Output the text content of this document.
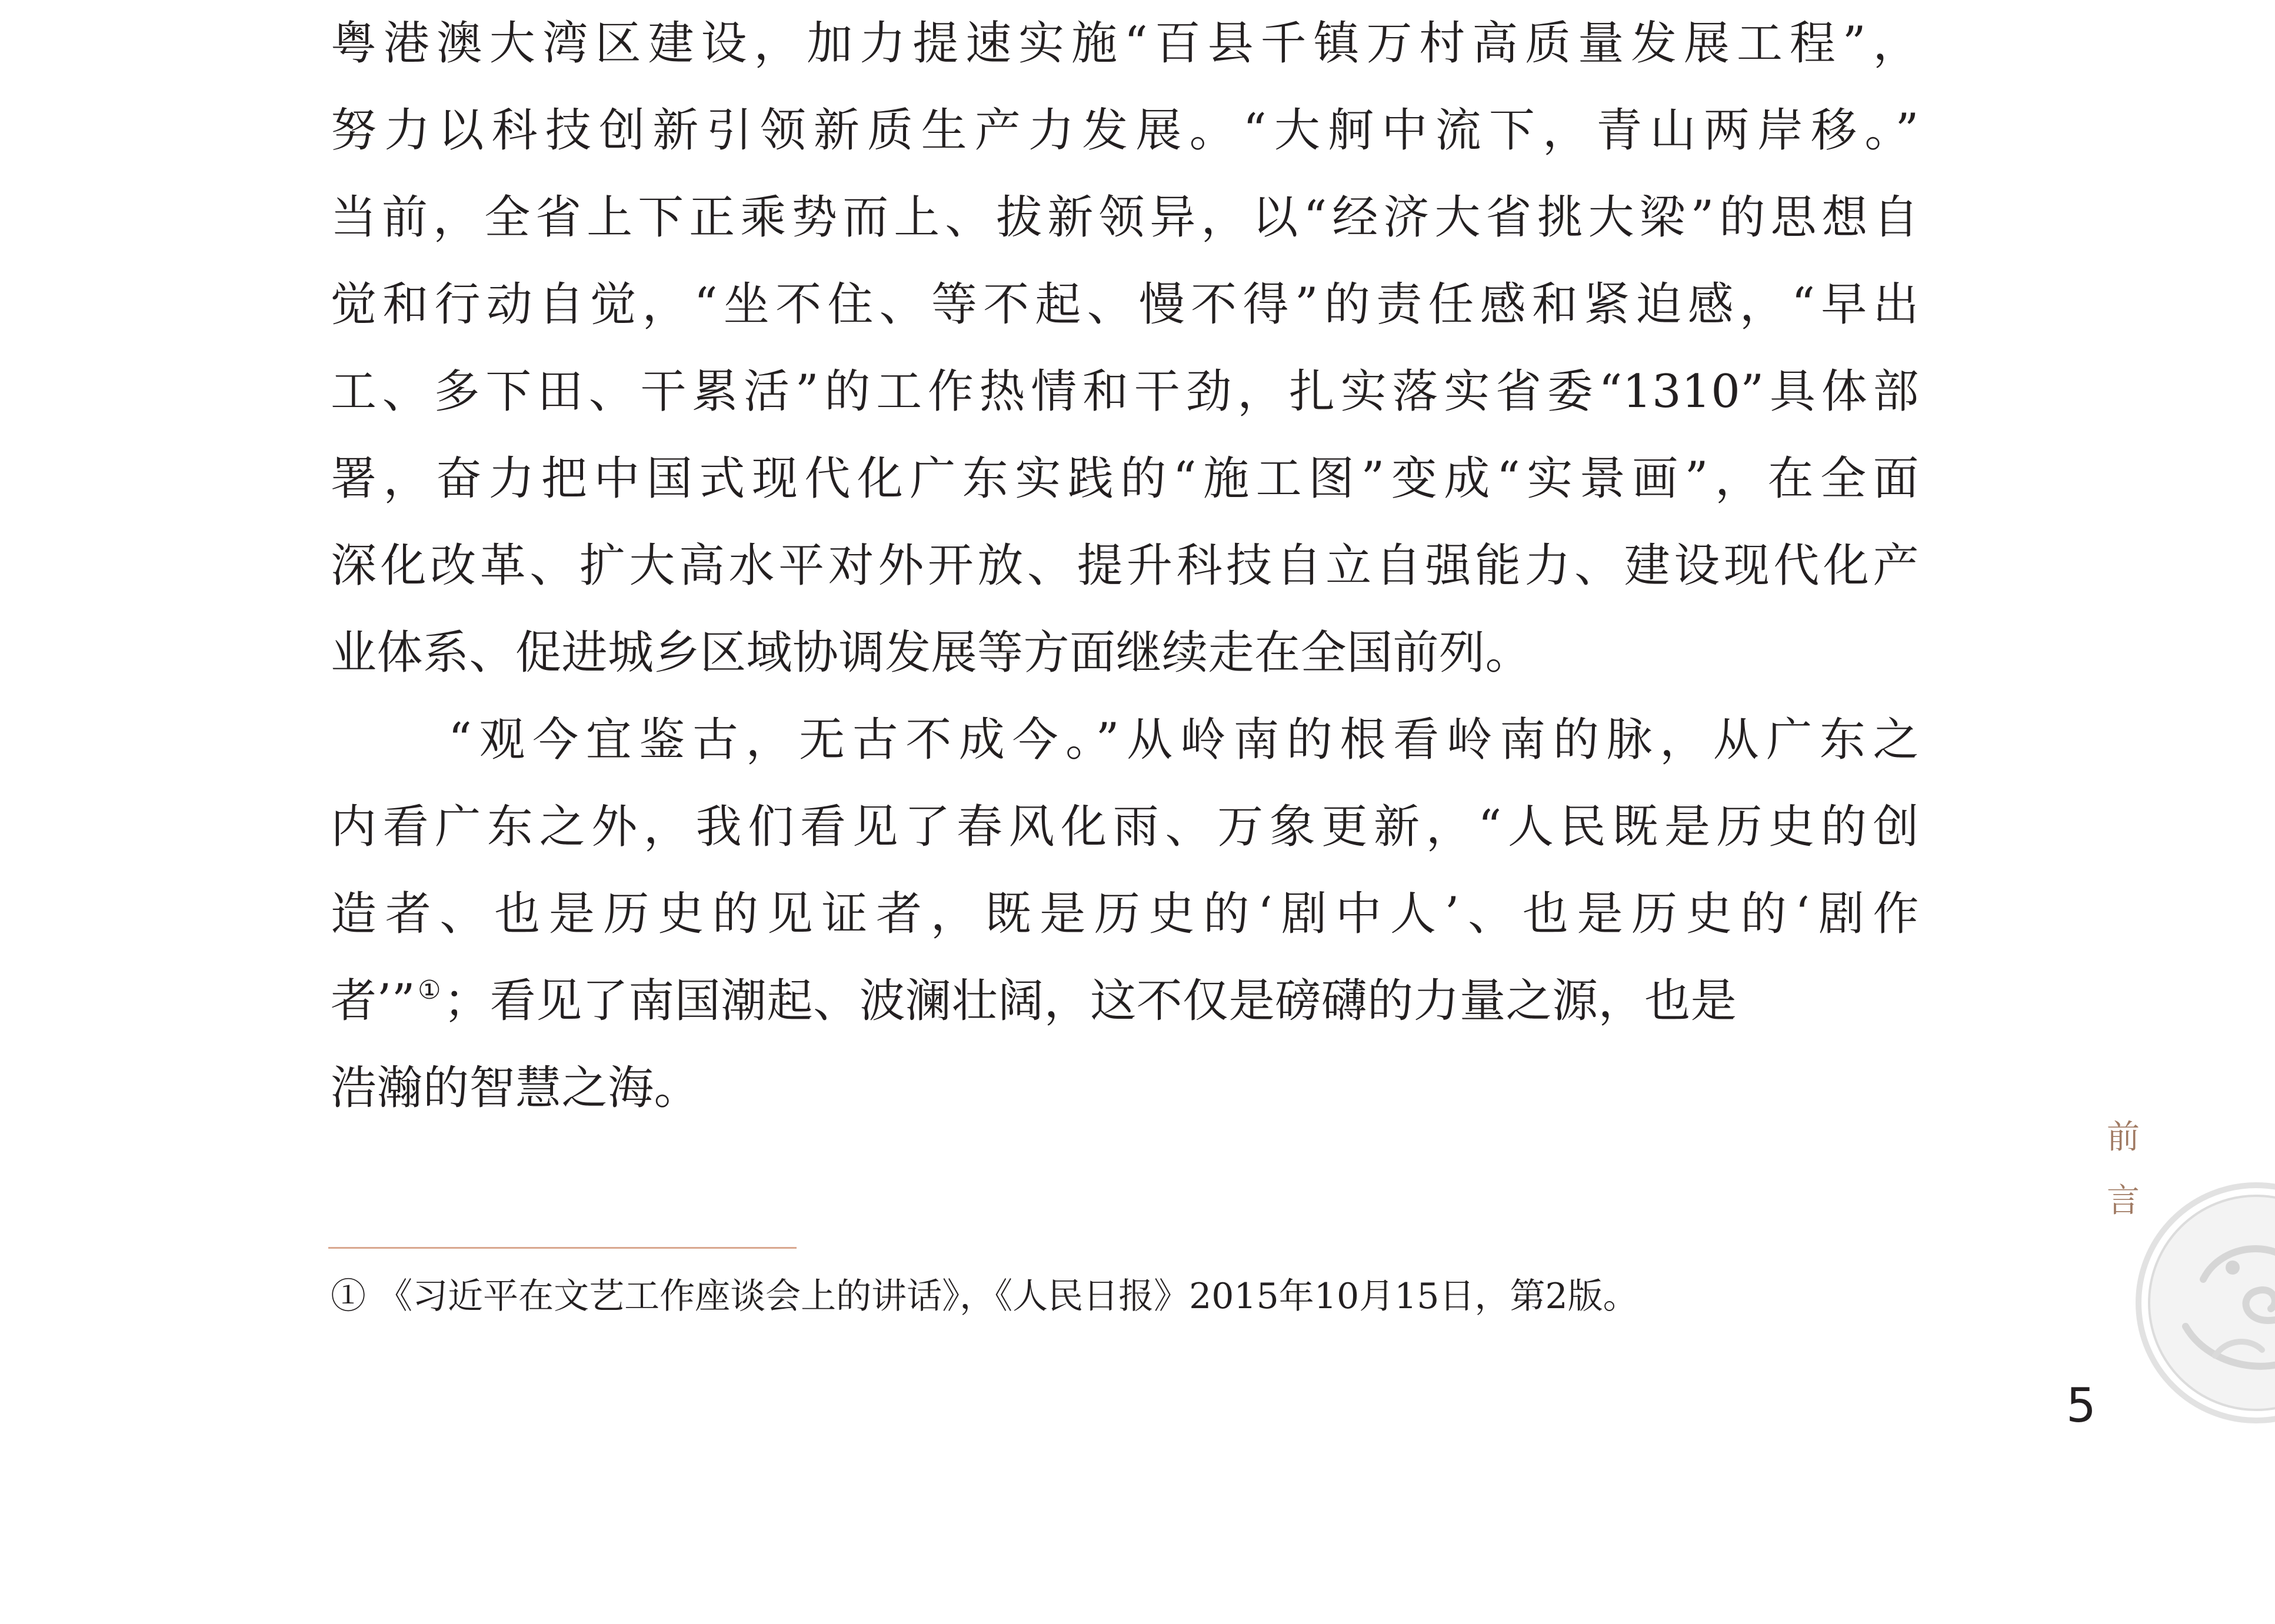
粤港澳大湾区建设，加力提速实施“百县千镇万村高质量发展工程”，
努力以科技创新引领新质生产力发展。“大舸中流下，青山两岸移。”
当前，全省上下正乘势而上、拔新领异，以“经济大省挑大梁”的思想自
觉和行动自觉，“坐不住、等不起、慢不得”的责任感和紧迫感，“早出
工、多下田、干累活”的工作热情和干劲，扎实落实省委“1310”具体部
署，奋力把中国式现代化广东实践的“施工图”变成“实景画”，在全面
深化改革、扩大高水平对外开放、提升科技自立自强能力、建设现代化产
业体系、促进城乡区域协调发展等方面继续走在全国前列。
“观今宜鉴古，无古不成今。”从岭南的根看岭南的脉，从广东之
内看广东之外，我们看见了春风化雨、万象更新，“人民既是历史的创
造者、也是历史的见证者，既是历史的‘剧中人’、也是历史的‘剧作
者’”①；看见了南国潮起、波澜壮阔，这不仅是磅礴的力量之源，也是
浩瀚的智慧之海。
① 《习近平在文艺工作座谈会上的讲话》，《人民日报》2015年10月15日，第2版。
前
言
5
